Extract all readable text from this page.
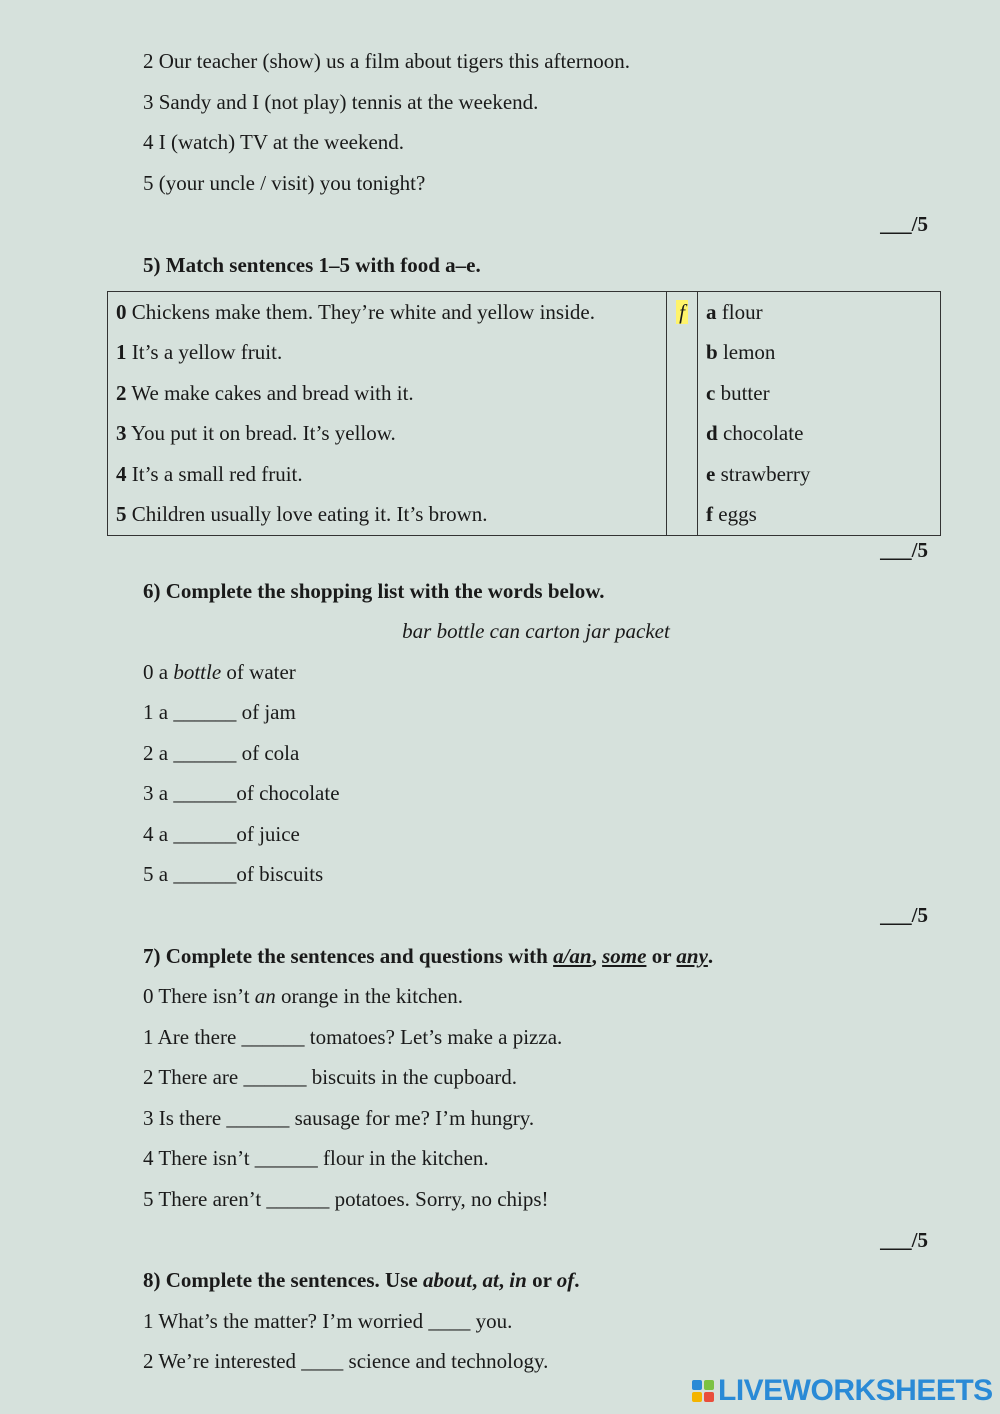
2 Our teacher (show) us a film about tigers this afternoon.
3 Sandy and I (not play) tennis at the weekend.
4 I (watch) TV at the weekend.
5 (your uncle / visit) you tonight?
___/5
5) Match sentences 1–5 with food a–e.
0 Chickens make them. They’re white and yellow inside.	f	a flour
1 It’s a yellow fruit.		b lemon
2 We make cakes and bread with it.		c butter
3 You put it on bread. It’s yellow.		d chocolate
4 It’s a small red fruit.		e strawberry
5 Children usually love eating it. It’s brown.		f eggs
___/5
6) Complete the shopping list with the words below.
bar bottle can carton jar packet
0 a bottle of water
1 a ______ of jam
2 a ______ of cola
3 a ______of chocolate
4 a ______of juice
5 a ______of biscuits
___/5
7) Complete the sentences and questions with a/an, some or any.
0 There isn’t an orange in the kitchen.
1 Are there ______ tomatoes? Let’s make a pizza.
2 There are ______ biscuits in the cupboard.
3 Is there ______ sausage for me? I’m hungry.
4 There isn’t ______ flour in the kitchen.
5 There aren’t ______ potatoes. Sorry, no chips!
___/5
8) Complete the sentences. Use about, at, in or of.
1 What’s the matter? I’m worried ____ you.
2 We’re interested ____ science and technology.
LIVEWORKSHEETS
